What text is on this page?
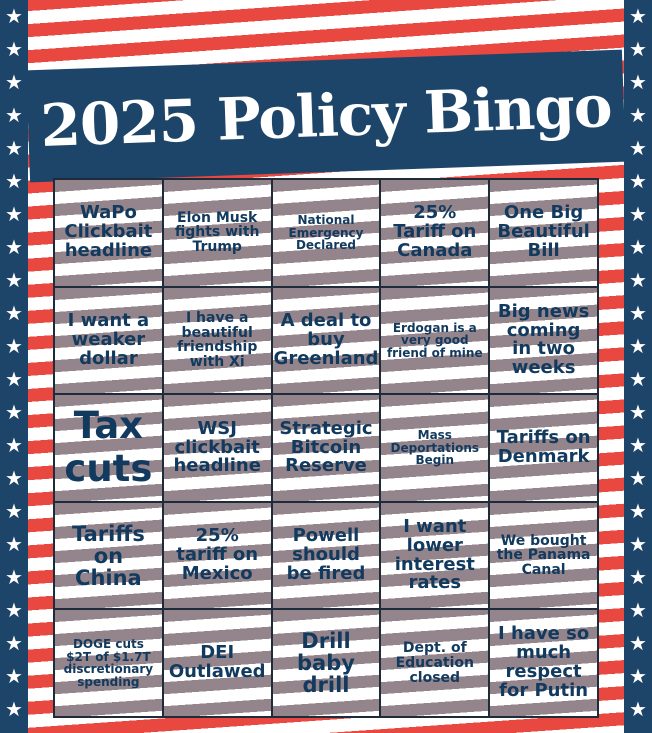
★
★
★
★
★
★
★
★
★
★
★
★
★
★
★
★
★
★
★
★
★
★
★
★
★
★
★
★
★
★
★
★
★
★
★
★
★
★
★
★
★
★
★
★
2025 Policy Bingo
WaPo Clickbait headline
Elon Musk fights with Trump
National Emergency Declared
25% Tariff on Canada
One Big Beautiful Bill
I want a weaker dollar
I have a beautiful friendship with Xi
A deal to buy Greenland
Erdogan is a very good friend of mine
Big news coming in two weeks
Tax cuts
WSJ clickbait headline
Strategic Bitcoin Reserve
Mass Deportations Begin
Tariffs on Denmark
Tariffs on China
25% tariff on Mexico
Powell should be fired
I want lower interest rates
We bought the Panama Canal
DOGE cuts $2T of $1.7T discretionary spending
DEI Outlawed
Drill baby drill
Dept. of Education closed
I have so much respect for Putin
